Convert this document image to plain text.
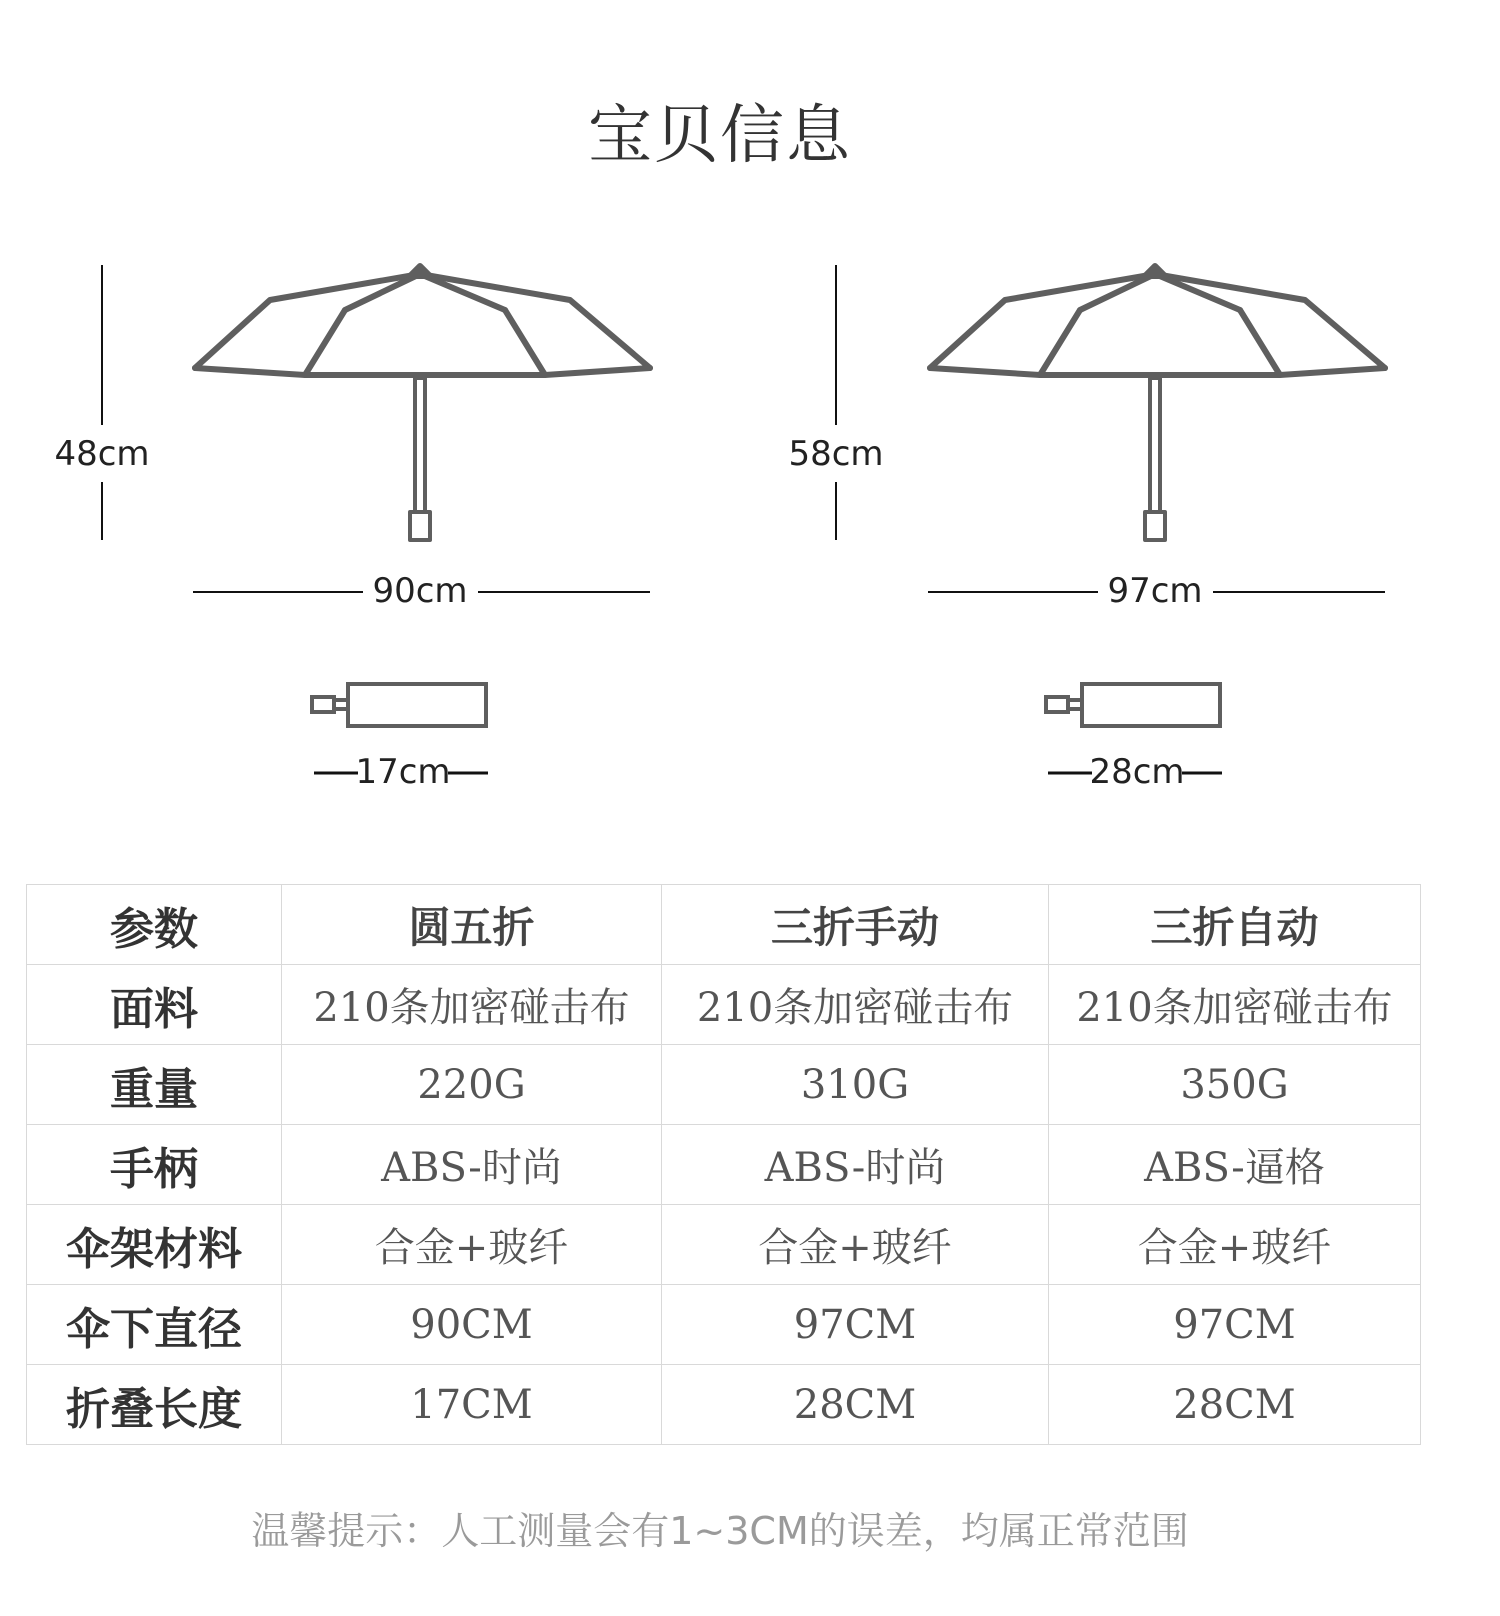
宝贝信息
48cm
90cm
17cm
58cm
97cm
28cm
参数	圆五折	三折手动	三折自动
面料	210条加密碰击布	210条加密碰击布	210条加密碰击布
重量	220G	310G	350G
手柄	ABS-时尚	ABS-时尚	ABS-逼格
伞架材料	合金+玻纤	合金+玻纤	合金+玻纤
伞下直径	90CM	97CM	97CM
折叠长度	17CM	28CM	28CM
温馨提示：人工测量会有1~3CM的误差，均属正常范围
